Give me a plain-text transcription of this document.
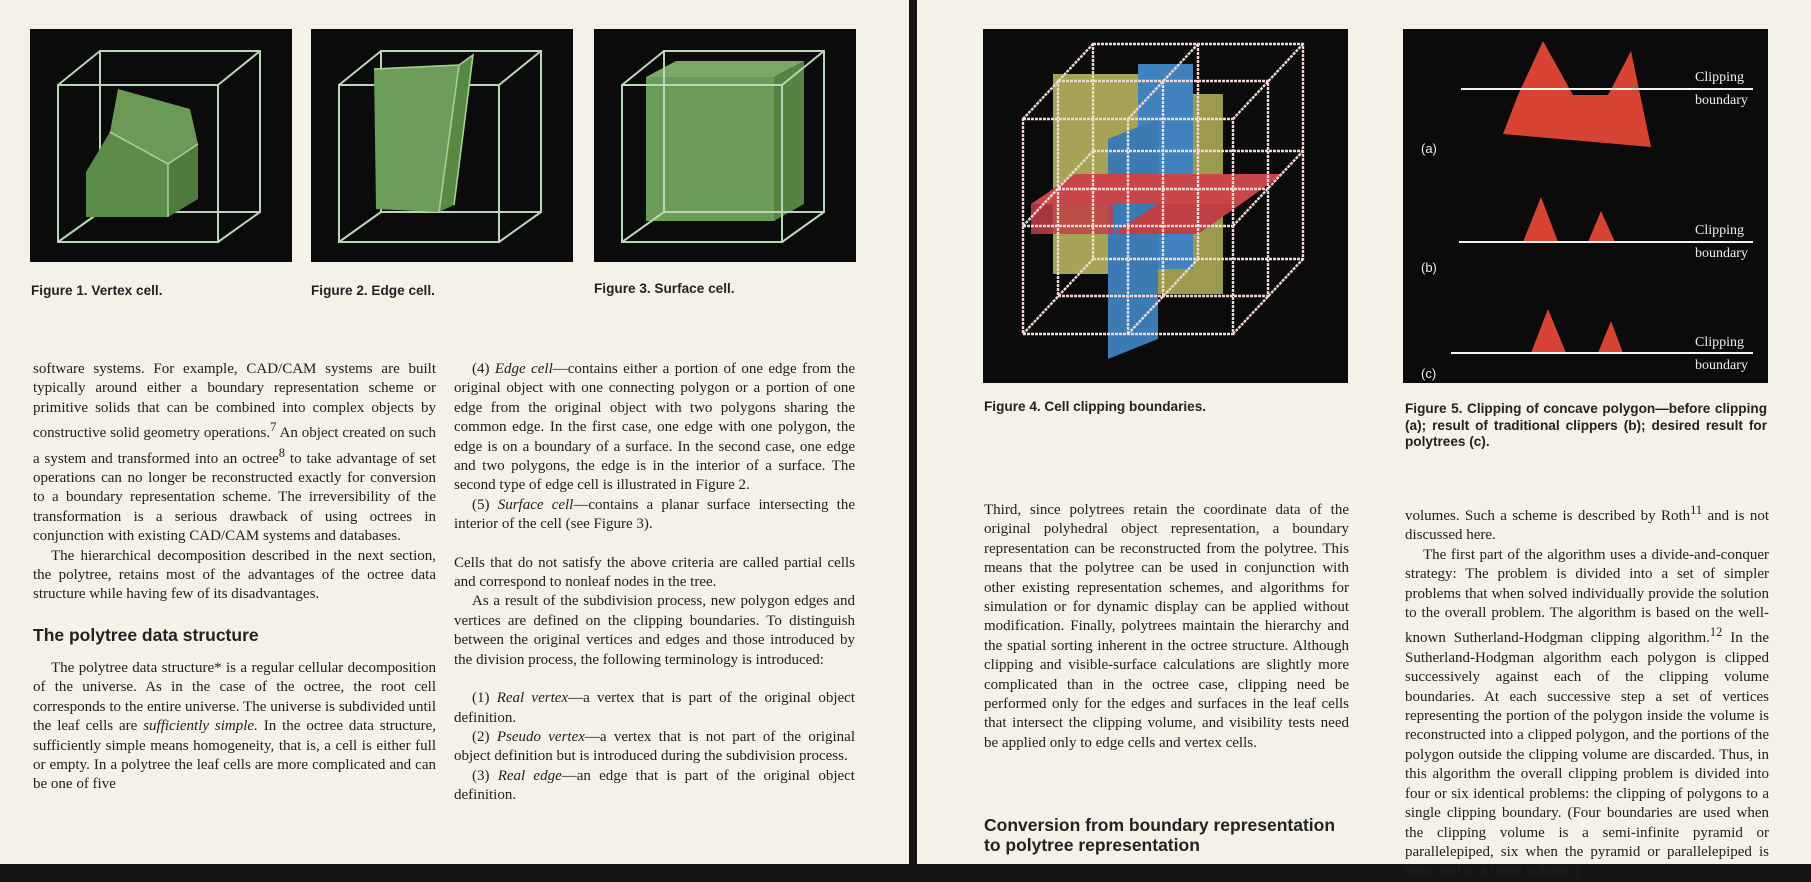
Figure 1. Vertex cell.	Figure 2. Edge cell.	Figure 3. Surface cell.

software systems. For example, CAD/CAM systems are built typically around either a boundary representation scheme or primitive solids that can be combined into complex objects by constructive solid geometry operations.$^7$ An object created on such a system and transformed into an octree$^8$ to take advantage of set operations can no longer be reconstructed exactly for conversion to a boundary representation scheme. The irreversibility of the transformation is a serious drawback of using octrees in conjunction with existing CAD/CAM systems and databases.

The hierarchical decomposition described in the next section, the polytree, retains most of the advantages of the octree data structure while having few of its disadvantages.

The polytree data structure

The polytree data structure* is a regular cellular decomposition of the universe. As in the case of the octree, the root cell corresponds to the entire universe. The universe is subdivided until the leaf cells are sufficiently simple. In the octree data structure, sufficiently simple means homogeneity, that is, a cell is either full or empty. In a polytree the leaf cells are more complicated and can be one of five

(4) Edge cell—contains either a portion of one edge from the original object with one connecting polygon or a portion of one edge from the original object with two polygons sharing the common edge. In the first case, one edge with one polygon, the edge is on a boundary of a surface. In the second case, one edge and two polygons, the edge is in the interior of a surface. The second type of edge cell is illustrated in Figure 2.

(5) Surface cell—contains a planar surface intersecting the interior of the cell (see Figure 3).

Cells that do not satisfy the above criteria are called partial cells and correspond to nonleaf nodes in the tree.

As a result of the subdivision process, new polygon edges and vertices are defined on the clipping boundaries. To distinguish between the original vertices and edges and those introduced by the division process, the following terminology is introduced:

(1) Real vertex—a vertex that is part of the original object definition.

(2) Pseudo vertex—a vertex that is not part of the original object definition but is introduced during the subdivision process.

(3) Real edge—an edge that is part of the original object definition.

Figure 4. Cell clipping boundaries.

Clipping
boundary
(a)
Clipping
boundary
(b)
Clipping
boundary
(c)

Figure 5. Clipping of concave polygon—before clipping (a); result of traditional clippers (b); desired result for polytrees (c).

Third, since polytrees retain the coordinate data of the original polyhedral object representation, a boundary representation can be reconstructed from the polytree. This means that the polytree can be used in conjunction with other existing representation schemes, and algorithms for simulation or for dynamic display can be applied without modification. Finally, polytrees maintain the hierarchy and the spatial sorting inherent in the octree structure. Although clipping and visible-surface calculations are slightly more complicated than in the octree case, clipping need be performed only for the edges and surfaces in the leaf cells that intersect the clipping volume, and visibility tests need be applied only to edge cells and vertex cells.

Conversion from boundary representation to polytree representation

volumes. Such a scheme is described by Roth$^{11}$ and is not discussed here.

The first part of the algorithm uses a divide-and-conquer strategy: The problem is divided into a set of simpler problems that when solved individually provide the solution to the overall problem. The algorithm is based on the well-known Sutherland-Hodgman clipping algorithm.$^{12}$ In the Sutherland-Hodgman algorithm each polygon is clipped successively against each of the clipping volume boundaries. At each successive step a set of vertices representing the portion of the polygon inside the volume is reconstructed into a clipped polygon, and the portions of the polygon outside the clipping volume are discarded. Thus, in this algorithm the overall clipping problem is divided into four or six identical problems: the clipping of polygons to a single clipping boundary. (Four boundaries are used when the clipping volume is a semi-infinite pyramid or parallelepiped, six when the pyramid or parallelepiped is truncated to a finite volume.)
